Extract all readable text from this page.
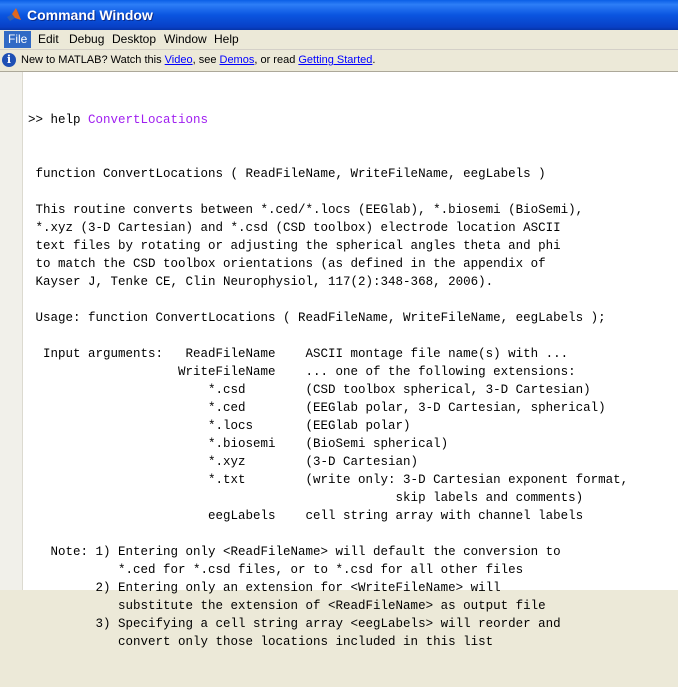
Command Window
File Edit Debug Desktop Window Help
i New to MATLAB? Watch this Video, see Demos, or read Getting Started.

>> help ConvertLocations

function ConvertLocations ( ReadFileName, WriteFileName, eegLabels )
This routine converts between *.ced/*.locs (EEGlab), *.biosemi (BioSemi),
*.xyz (3-D Cartesian) and *.csd (CSD toolbox) electrode location ASCII
text files by rotating or adjusting the spherical angles theta and phi
to match the CSD toolbox orientations (as defined in the appendix of
Kayser J, Tenke CE, Clin Neurophysiol, 117(2):348-368, 2006).
Usage: function ConvertLocations ( ReadFileName, WriteFileName, eegLabels );
Input arguments:   ReadFileName    ASCII montage file name(s) with ...
WriteFileName    ... one of the following extensions:
*.csd        (CSD toolbox spherical, 3-D Cartesian)
*.ced        (EEGlab polar, 3-D Cartesian, spherical)
*.locs       (EEGlab polar)
*.biosemi    (BioSemi spherical)
*.xyz        (3-D Cartesian)
*.txt        (write only: 3-D Cartesian exponent format,
skip labels and comments)
eegLabels    cell string array with channel labels
Note: 1) Entering only <ReadFileName> will default the conversion to
*.ced for *.csd files, or to *.csd for all other files
2) Entering only an extension for <WriteFileName> will
substitute the extension of <ReadFileName> as output file
3) Specifying a cell string array <eegLabels> will reorder and
convert only those locations included in this list
